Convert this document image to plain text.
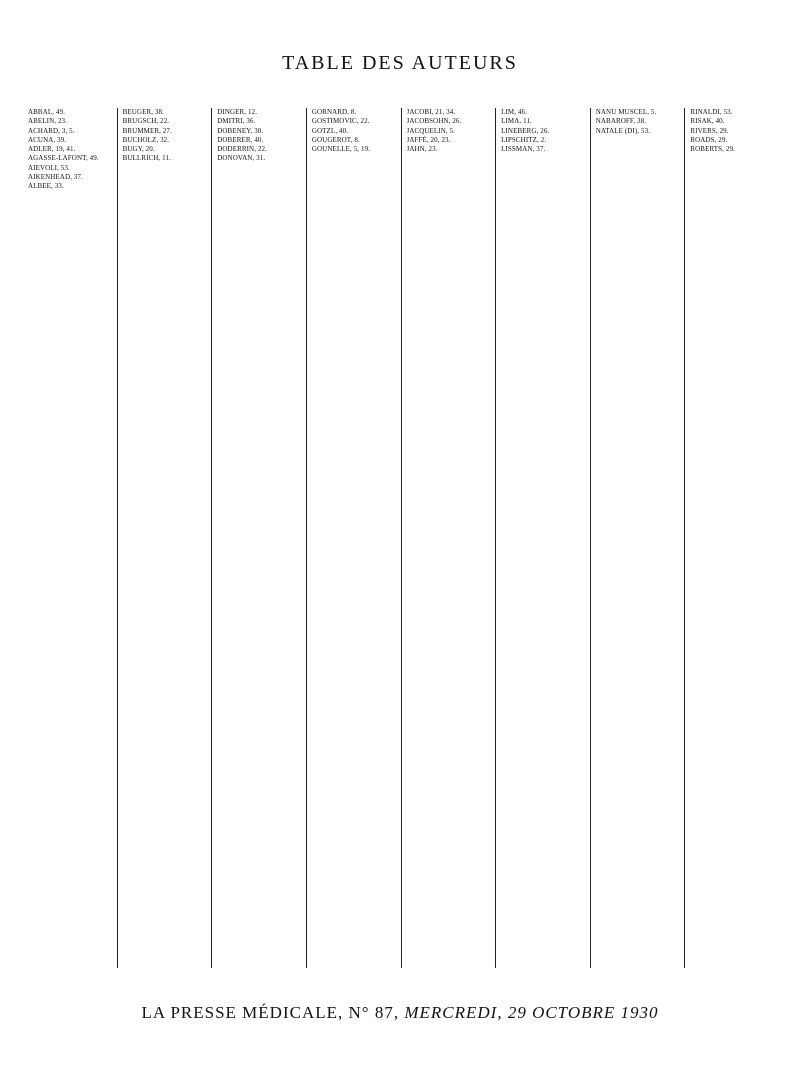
TABLE DES AUTEURS
ABBAL, 49.
ABELIN, 23.
ACHARD, 3, 5.
ACUNA, 39.
ADLER, 19, 41.
AGASSE-LAFONT, 49.
AIEVOLI, 53.
AIKENHEAD, 37.
ALBEE, 33.
BEUGER, 38.
BRUGSCH, 22.
BRUMMER, 27.
BUCHOLZ, 32.
BUGY, 20.
BULLRICH, 11.
DINGER, 12.
DMITRI, 36.
DOBENEY, 30.
DOBERER, 40.
DODERRIN, 22.
DONOVAN, 31.
GORNARD, 8.
GOSTIMOVIC, 22.
GOTZL, 40.
GOUGEROT, 8.
GOUNELLE, 5, 19.
JACOBI, 21, 34.
JACOBSOHN, 26.
JACQUELIN, 5.
JAFFÉ, 20, 23.
JAHN, 23.
LIM, 46.
LIMA, 11.
LINEBERG, 26.
LIPSCHITZ, 2.
LISSMAN, 37.
NANU MUSCEL, 5.
NABAROFF, 38.
NATALE (DI), 53.
RINALDI, 53.
RISAK, 40.
RIVERS, 29.
ROADS, 29.
ROBERTS, 29.
LA PRESSE MÉDICALE, N° 87, MERCREDI, 29 OCTOBRE 1930
